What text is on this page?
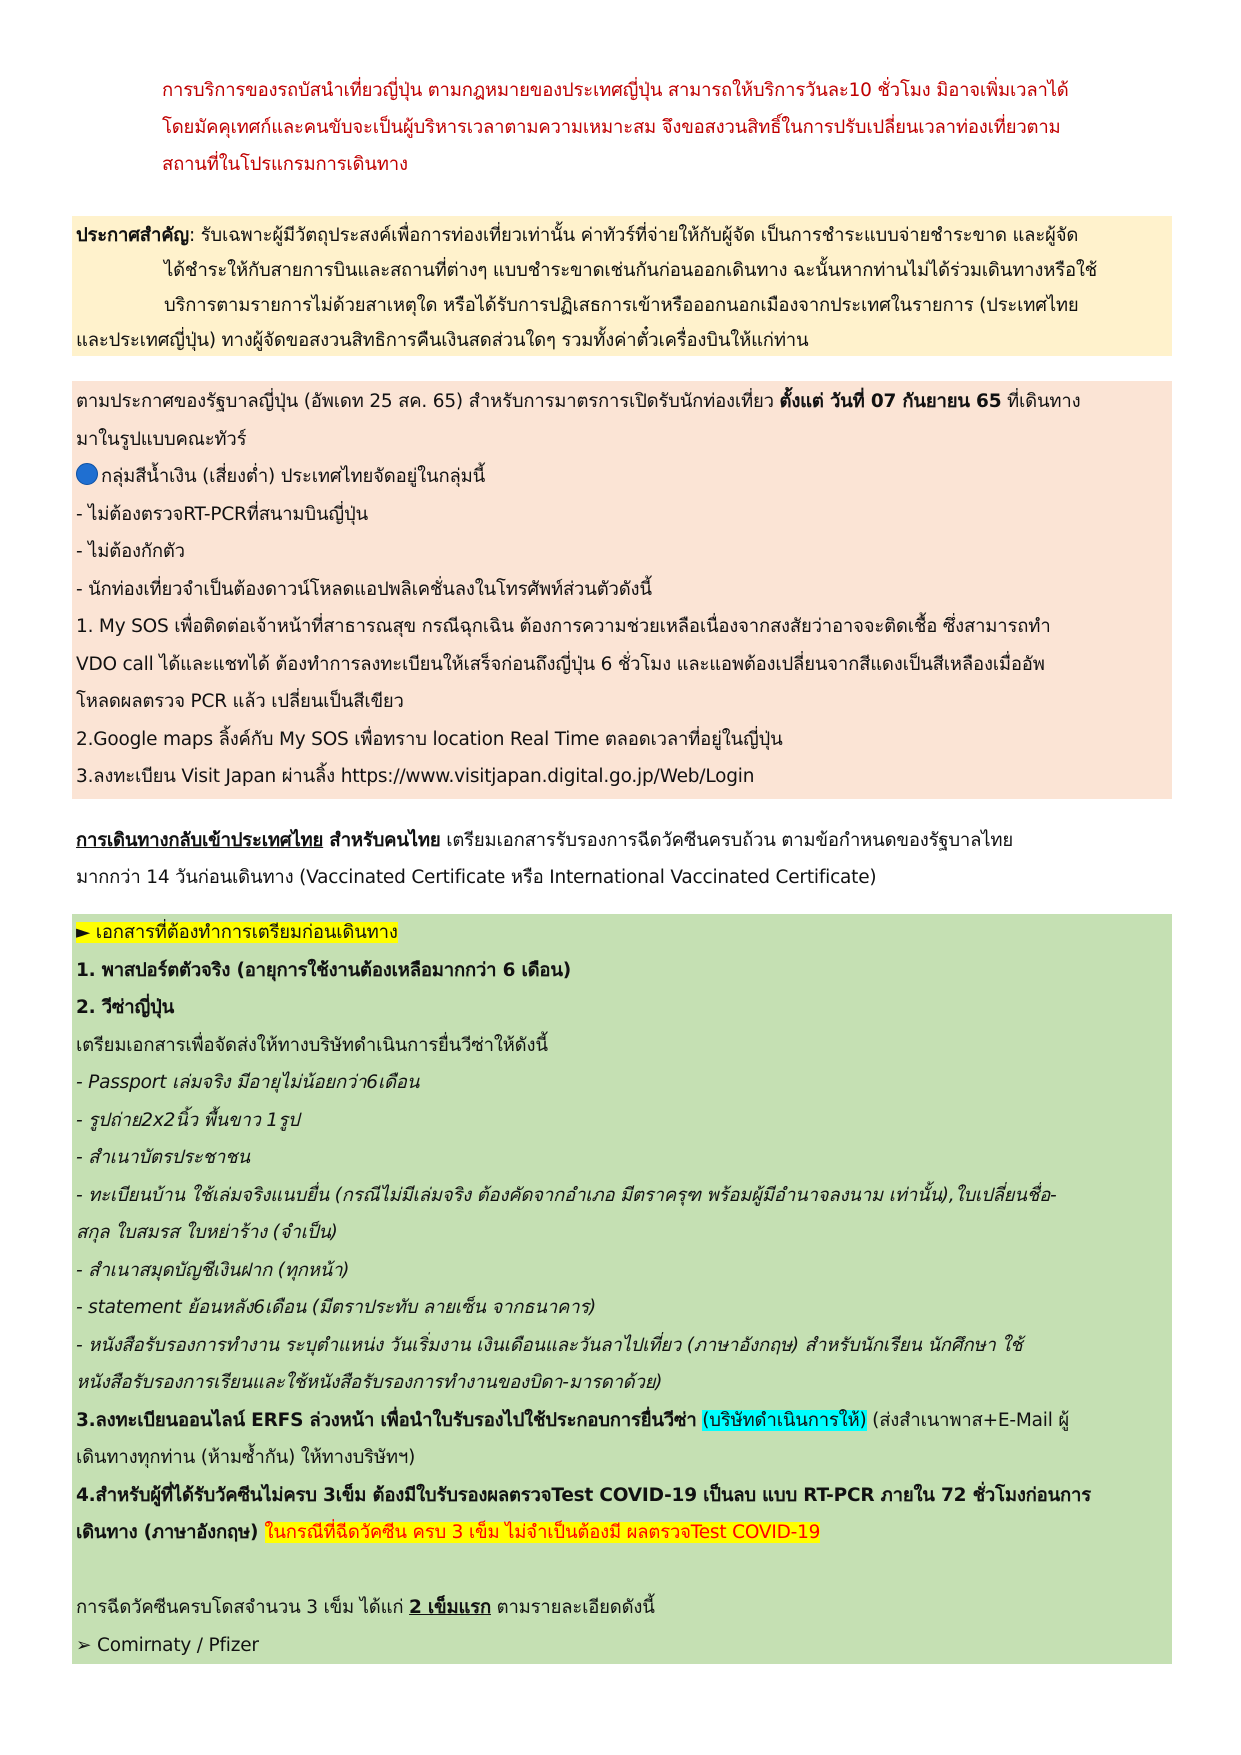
การบริการของรถบัสนำเที่ยวญี่ปุ่น ตามกฎหมายของประเทศญี่ปุ่น สามารถให้บริการวันละ10 ชั่วโมง มิอาจเพิ่มเวลาได้

โดยมัคคุเทศก์และคนขับจะเป็นผู้บริหารเวลาตามความเหมาะสม จึงขอสงวนสิทธิ์ในการปรับเปลี่ยนเวลาท่องเที่ยวตาม

สถานที่ในโปรแกรมการเดินทาง

ประกาศสำคัญ: รับเฉพาะผู้มีวัตถุประสงค์เพื่อการท่องเที่ยวเท่านั้น ค่าทัวร์ที่จ่ายให้กับผู้จัด เป็นการชำระแบบจ่ายชำระขาด และผู้จัด

ได้ชำระให้กับสายการบินและสถานที่ต่างๆ แบบชำระขาดเช่นกันก่อนออกเดินทาง ฉะนั้นหากท่านไม่ได้ร่วมเดินทางหรือใช้

บริการตามรายการไม่ด้วยสาเหตุใด หรือได้รับการปฏิเสธการเข้าหรือออกนอกเมืองจากประเทศในรายการ (ประเทศไทย

และประเทศญี่ปุ่น) ทางผู้จัดขอสงวนสิทธิการคืนเงินสดส่วนใดๆ รวมทั้งค่าตั๋วเครื่องบินให้แก่ท่าน

ตามประกาศของรัฐบาลญี่ปุ่น (อัพเดท 25 สค. 65) สำหรับการมาตรการเปิดรับนักท่องเที่ยว ตั้งแต่ วันที่ 07 กันยายน 65 ที่เดินทาง

มาในรูปแบบคณะทัวร์

กลุ่มสีน้ำเงิน (เสี่ยงต่ำ) ประเทศไทยจัดอยู่ในกลุ่มนี้

- ไม่ต้องตรวจRT-PCRที่สนามบินญี่ปุ่น

- ไม่ต้องกักตัว

- นักท่องเที่ยวจำเป็นต้องดาวน์โหลดแอปพลิเคชั่นลงในโทรศัพท์ส่วนตัวดังนี้

1. My SOS เพื่อติดต่อเจ้าหน้าที่สาธารณสุข กรณีฉุกเฉิน ต้องการความช่วยเหลือเนื่องจากสงสัยว่าอาจจะติดเชื้อ ซึ่งสามารถทำ

VDO call ได้และแชทได้ ต้องทำการลงทะเบียนให้เสร็จก่อนถึงญี่ปุ่น 6 ชั่วโมง และแอพต้องเปลี่ยนจากสีแดงเป็นสีเหลืองเมื่ออัพ

โหลดผลตรวจ PCR แล้ว เปลี่ยนเป็นสีเขียว

2.Google maps ลิ้งค์กับ My SOS เพื่อทราบ location Real Time ตลอดเวลาที่อยู่ในญี่ปุ่น

3.ลงทะเบียน Visit Japan ผ่านลิ้ง https://www.visitjapan.digital.go.jp/Web/Login

การเดินทางกลับเข้าประเทศไทย สำหรับคนไทย เตรียมเอกสารรับรองการฉีดวัคซีนครบถ้วน ตามข้อกำหนดของรัฐบาลไทย

มากกว่า 14 วันก่อนเดินทาง (Vaccinated Certificate หรือ International Vaccinated Certificate)

► เอกสารที่ต้องทำการเตรียมก่อนเดินทาง

1. พาสปอร์ตตัวจริง (อายุการใช้งานต้องเหลือมากกว่า 6 เดือน)

2. วีซ่าญี่ปุ่น

เตรียมเอกสารเพื่อจัดส่งให้ทางบริษัทดำเนินการยื่นวีซ่าให้ดังนี้

- Passport เล่มจริง มีอายุไม่น้อยกว่า6เดือน

- รูปถ่าย2x2นิ้ว พื้นขาว 1รูป

- สำเนาบัตรประชาชน

- ทะเบียนบ้าน ใช้เล่มจริงแนบยื่น (กรณีไม่มีเล่มจริง ต้องคัดจากอำเภอ มีตราครุฑ พร้อมผู้มีอำนาจลงนาม เท่านั้น),ใบเปลี่ยนชื่อ-

สกุล ใบสมรส ใบหย่าร้าง (จำเป็น)

- สำเนาสมุดบัญชีเงินฝาก (ทุกหน้า)

- statement ย้อนหลัง6เดือน (มีตราประทับ ลายเซ็น จากธนาคาร)

- หนังสือรับรองการทำงาน ระบุตำแหน่ง วันเริ่มงาน เงินเดือนและวันลาไปเที่ยว (ภาษาอังกฤษ) สำหรับนักเรียน นักศึกษา ใช้

หนังสือรับรองการเรียนและใช้หนังสือรับรองการทำงานของบิดา-มารดาด้วย)

3.ลงทะเบียนออนไลน์ ERFS ล่วงหน้า เพื่อนำใบรับรองไปใช้ประกอบการยื่นวีซ่า (บริษัทดำเนินการให้) (ส่งสำเนาพาส+E-Mail ผู้

เดินทางทุกท่าน (ห้ามซ้ำกัน) ให้ทางบริษัทฯ)

4.สำหรับผู้ที่ได้รับวัคซีนไม่ครบ 3เข็ม ต้องมีใบรับรองผลตรวจTest COVID-19 เป็นลบ แบบ RT-PCR ภายใน 72 ชั่วโมงก่อนการ

เดินทาง (ภาษาอังกฤษ) ในกรณีที่ฉีดวัคซีน ครบ 3 เข็ม ไม่จำเป็นต้องมี ผลตรวจTest COVID-19

การฉีดวัคซีนครบโดสจำนวน 3 เข็ม ได้แก่ 2 เข็มแรก ตามรายละเอียดดังนี้

➢ Comirnaty / Pfizer
